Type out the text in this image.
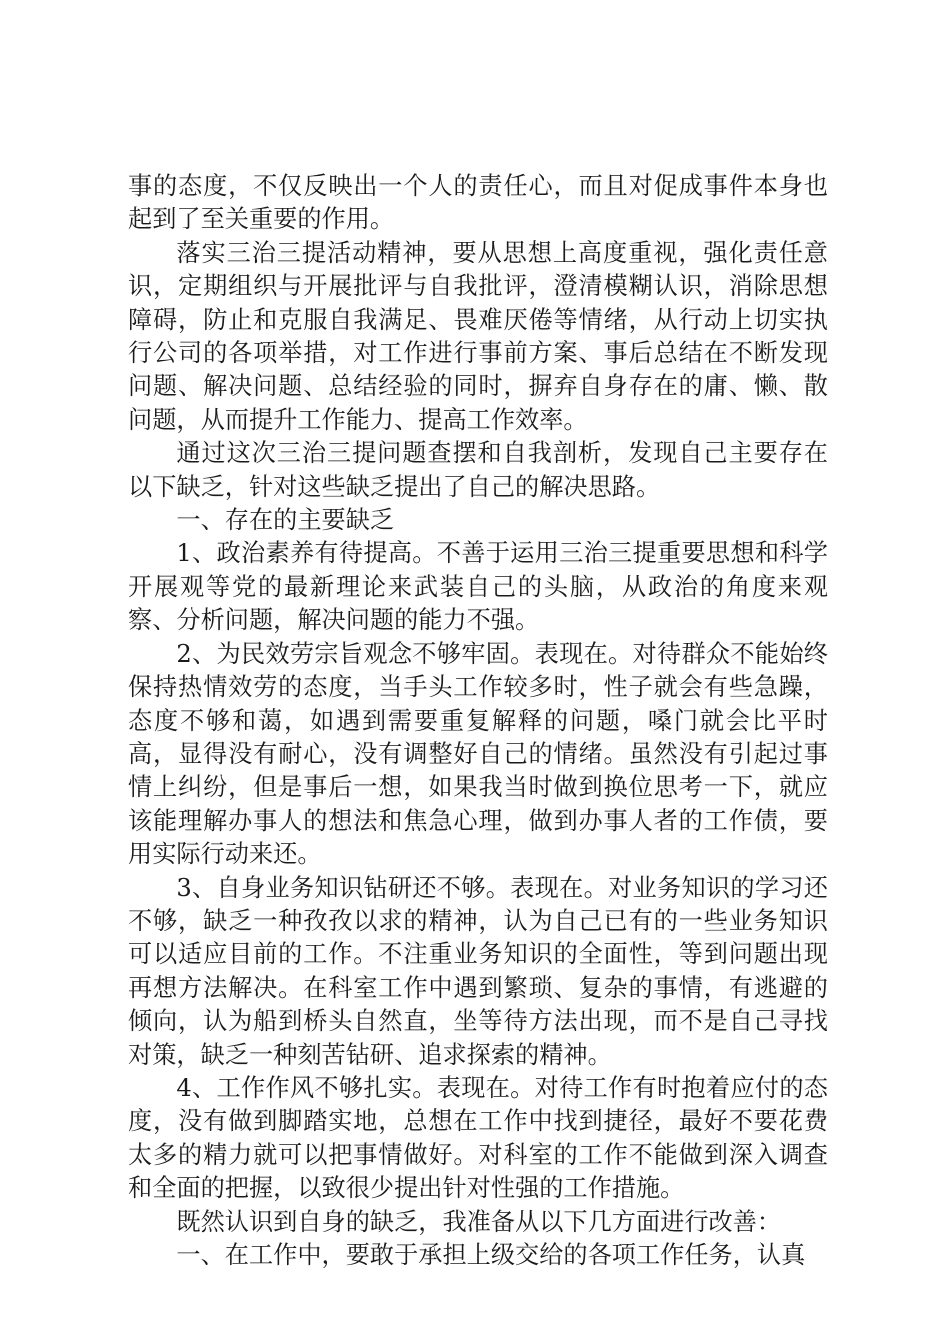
事的态度，不仅反映出一个人的责任心，而且对促成事件本身也起到了至关重要的作用。

落实三治三提活动精神，要从思想上高度重视，强化责任意识，定期组织与开展批评与自我批评，澄清模糊认识，消除思想障碍，防止和克服自我满足、畏难厌倦等情绪，从行动上切实执行公司的各项举措，对工作进行事前方案、事后总结在不断发现问题、解决问题、总结经验的同时，摒弃自身存在的庸、懒、散问题，从而提升工作能力、提高工作效率。

通过这次三治三提问题查摆和自我剖析，发现自己主要存在以下缺乏，针对这些缺乏提出了自己的解决思路。

一、存在的主要缺乏

1、政治素养有待提高。不善于运用三治三提重要思想和科学开展观等党的最新理论来武装自己的头脑，从政治的角度来观察、分析问题，解决问题的能力不强。

2、为民效劳宗旨观念不够牢固。表现在。对待群众不能始终保持热情效劳的态度，当手头工作较多时，性子就会有些急躁，态度不够和蔼，如遇到需要重复解释的问题，嗓门就会比平时高，显得没有耐心，没有调整好自己的情绪。虽然没有引起过事情上纠纷，但是事后一想，如果我当时做到换位思考一下，就应该能理解办事人的想法和焦急心理，做到办事人者的工作债，要用实际行动来还。

3、自身业务知识钻研还不够。表现在。对业务知识的学习还不够，缺乏一种孜孜以求的精神，认为自己已有的一些业务知识可以适应目前的工作。不注重业务知识的全面性，等到问题出现再想方法解决。在科室工作中遇到繁琐、复杂的事情，有逃避的倾向，认为船到桥头自然直，坐等待方法出现，而不是自己寻找对策，缺乏一种刻苦钻研、追求探索的精神。

4、工作作风不够扎实。表现在。对待工作有时抱着应付的态度，没有做到脚踏实地，总想在工作中找到捷径，最好不要花费太多的精力就可以把事情做好。对科室的工作不能做到深入调查和全面的把握，以致很少提出针对性强的工作措施。

既然认识到自身的缺乏，我准备从以下几方面进行改善：

一、在工作中，要敢于承担上级交给的各项工作任务，认真
